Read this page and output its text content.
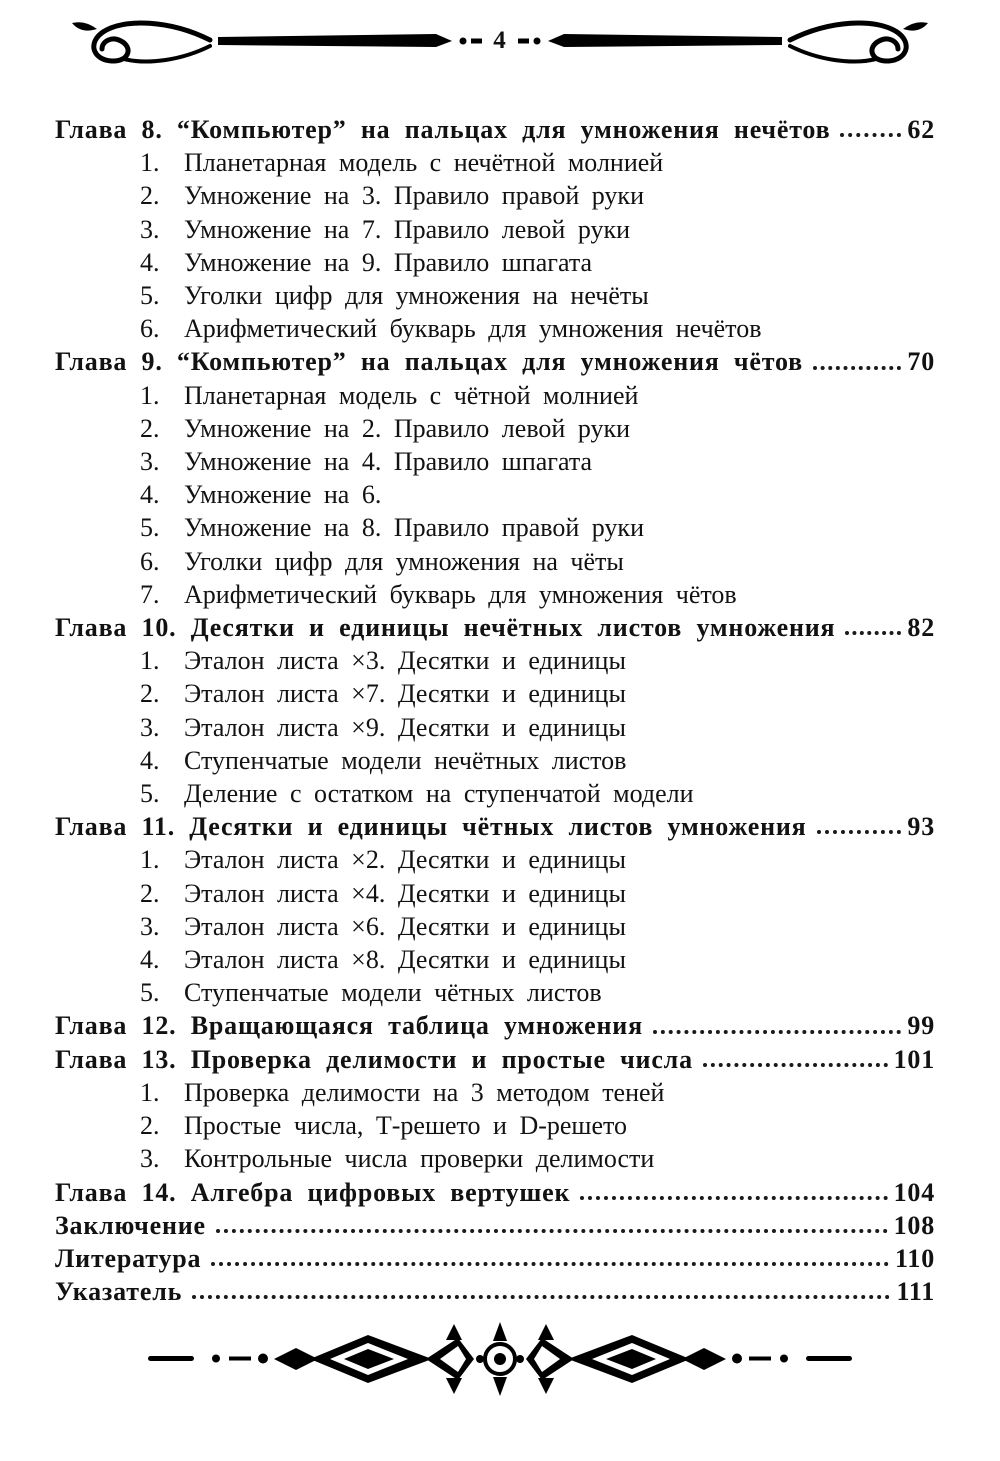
4
Глава 8. “Компьютер” на пальцах для умножения нечётов	62
1. Планетарная модель с нечётной молнией
2. Умножение на 3. Правило правой руки
3. Умножение на 7. Правило левой руки
4. Умножение на 9. Правило шпагата
5. Уголки цифр для умножения на нечёты
6. Арифметический букварь для умножения нечётов
Глава 9. “Компьютер” на пальцах для умножения чётов	70
1. Планетарная модель с чётной молнией
2. Умножение на 2. Правило левой руки
3. Умножение на 4. Правило шпагата
4. Умножение на 6.
5. Умножение на 8. Правило правой руки
6. Уголки цифр для умножения на чёты
7. Арифметический букварь для умножения чётов
Глава 10. Десятки и единицы нечётных листов умножения	82
1. Эталон листа ×3. Десятки и единицы
2. Эталон листа ×7. Десятки и единицы
3. Эталон листа ×9. Десятки и единицы
4. Ступенчатые модели нечётных листов
5. Деление с остатком на ступенчатой модели
Глава 11. Десятки и единицы чётных листов умножения	93
1. Эталон листа ×2. Десятки и единицы
2. Эталон листа ×4. Десятки и единицы
3. Эталон листа ×6. Десятки и единицы
4. Эталон листа ×8. Десятки и единицы
5. Ступенчатые модели чётных листов
Глава 12. Вращающаяся таблица умножения	99
Глава 13. Проверка делимости и простые числа	101
1. Проверка делимости на 3 методом теней
2. Простые числа, Т-решето и D-решето
3. Контрольные числа проверки делимости
Глава 14. Алгебра цифровых вертушек	104
Заключение	108
Литература	110
Указатель	111
